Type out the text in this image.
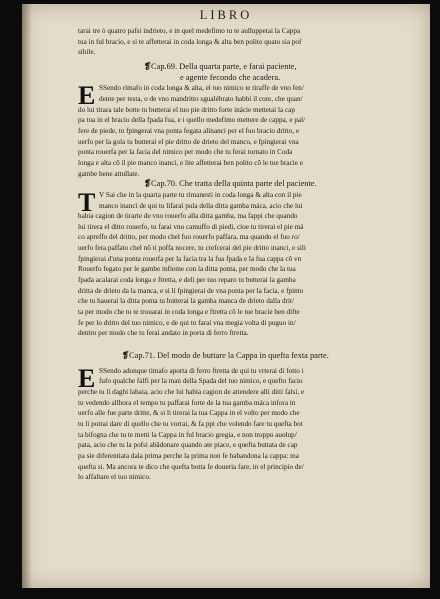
LIBRO
tarai tre ò quatro pafsi indrieto, e in quel medefimo tu te aulluppetai la Cappa
tua in ful bracio, e si te affetterai in coda longa & alta ben polito quato sia pof
sibile.
❡Cap.69. Della quarta parte, e farai paciente,
e agente fecondo che acadera.
E SSendo rimafo in coda longa & alta, el tuo nimico te tiraffe de vno fen/
dente per testa, o de vno mandritto sgualébrato habbi il core, che quan/
do lui tirara tale botte tu butterai el tuo pie dritto forte inácie mettetai la cap
pa tua in el bracio della fpada fua, e i quello medefimo mettere de cappa, e pal/
fere de piede, tu fpingerai vna ponta fegata alinanci per el fuo bracio dritto, e
uerfo per la gola tu butterai el pie dritto de drieto del manco, e fpingierai vna
ponta rouerfa per la facia del nimico per modo che tu ferai tornato in Coda
longa e alta cō il pie manco inanci, e lite affetterai ben polito cō le tue bracie e
gambe bene attullate.
❡Cap.70. Che tratta della quinta parte del paciente.
T V Sai che in la quarta parte tu rimanesti in coda longa & alta con il pie
manco inanci de qui tu lifarai pula della ditta gamba máca, acio che lui
habia cagion de tirarte de vno rouerfo alla ditta gamba, ma fappi che quando
lui tirera el ditto rouerfo, tu farai vno camuffo di piedi, cioe tu tirerai el pie má
co apreffo del dritto, per modo chel fuo rouerfo paffara, ma quando el fuo ro/
uerfo fera paffato chel nō ti poffa nocere, tu crefcerai del pie dritto inanci, e sili
fpingierai d'una ponta rouerfa per la facia tra la fua fpada e la fua cappa cō vn
Rouerfo fegato per le gambe infieme con la ditta ponta, per modo che la tua
fpada acalarai coda longa e ftretta, e deli per tuo reparo tu butterai la gamba
dritta de drieto da la manca, e si lí fpingierai de vna ponta per la facia, e fpinto
che tu haueraí la ditta ponta tu butterai la gamba manca de drieto dalla drit/
ta per modo che tu te trouarai in coda longa e ftretta cō le tue bracie ben difte
fe per lo dritto del tuo nimico, e de qui tu farai vna megia volta di puguo in/
dentro per modo che tu ferai andato in porta di ferro ftretta.
❡Cap.71. Del modo de buttare la Cappa in quefta fexta parte.
E SSendo adonque timafo aporta di ferro ftretta de qui tu vrterai di fotto i
fufo qualche falfi per la man della Spada del tuo nimico, e quefto facio
perche tu li daghi labaia, acio che lui habia cagion de attendere alli ditti falsi, e
tu vedendo allhora el tempo tu paffarai forte de la tua gamba máca infora in
uerfo alle fue parte dritte, & si li tirerai la tua Cappa in el volto per modo che
tu li potrai dare di quello che tu vorrai, & fa ppi che volendo fare tu quefta bot
ta bifogna che tu te metti la Cappa in ful bracio gregia, e non troppo auolup/
pata, acio che tu la pofsi abādonare quando ate piace, e quefta buttata de cap
pa sie diferentiata dala prima perche la prima non fe habandona la cappa: ma
quefta si. Ma ancora te dico che quefta botta fe doueria fare, in el principio de/
lo affaltare el tuo nimico.
